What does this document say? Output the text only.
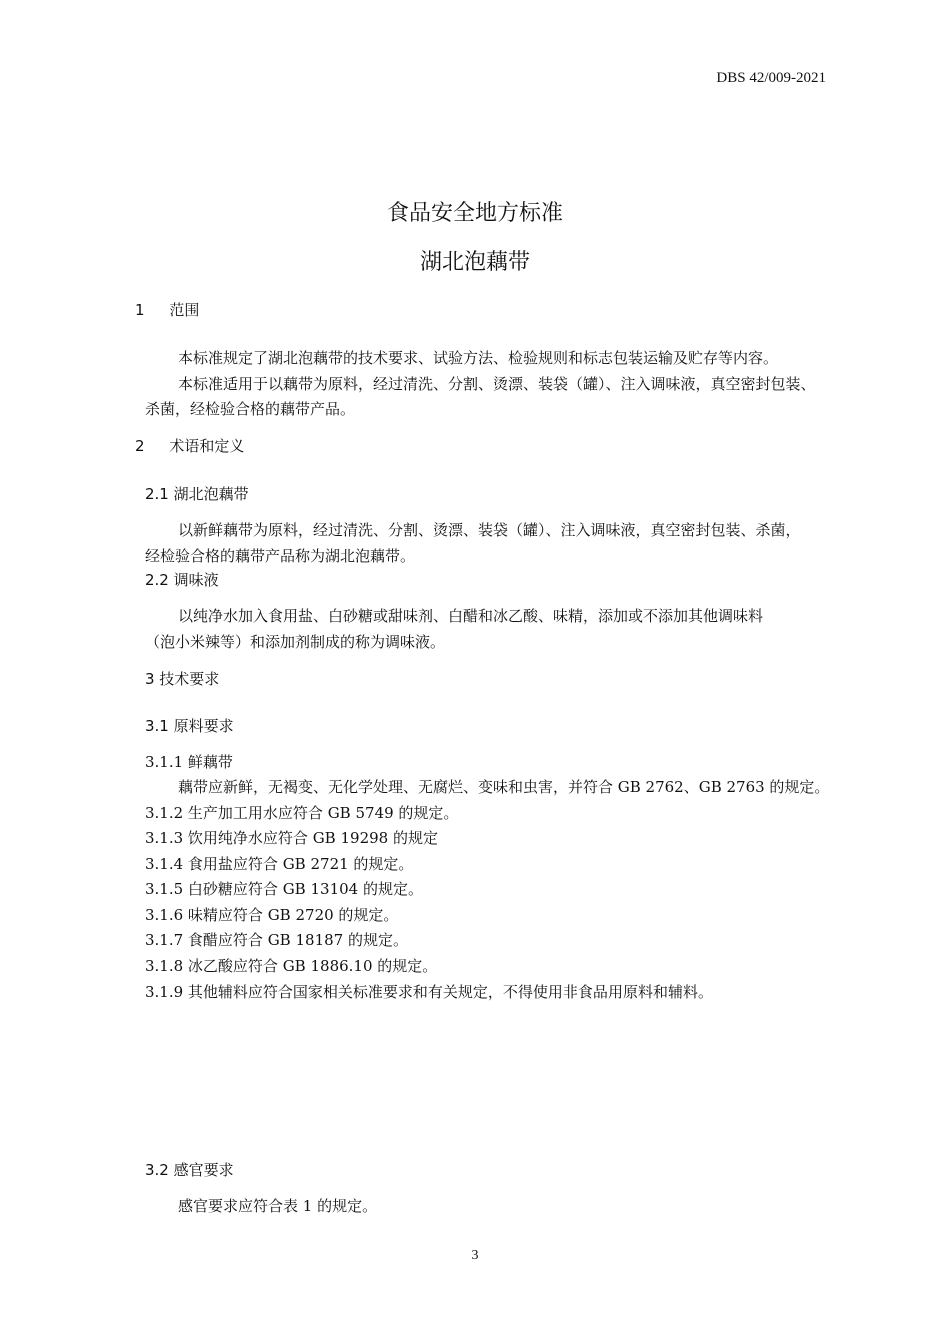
DBS 42/009-2021
食品安全地方标准
湖北泡藕带
1 范围
本标准规定了湖北泡藕带的技术要求、试验方法、检验规则和标志包装运输及贮存等内容。
本标准适用于以藕带为原料，经过清洗、分割、烫漂、装袋（罐）、注入调味液，真空密封包装、
杀菌，经检验合格的藕带产品。
2 术语和定义
2.1 湖北泡藕带
以新鲜藕带为原料，经过清洗、分割、烫漂、装袋（罐）、注入调味液，真空密封包装、杀菌，
经检验合格的藕带产品称为湖北泡藕带。
2.2 调味液
以纯净水加入食用盐、白砂糖或甜味剂、白醋和冰乙酸、味精，添加或不添加其他调味料
（泡小米辣等）和添加剂制成的称为调味液。
3 技术要求
3.1 原料要求
3.1.1 鲜藕带
藕带应新鲜，无褐变、无化学处理、无腐烂、变味和虫害，并符合 GB 2762、GB 2763 的规定。
3.1.2 生产加工用水应符合 GB 5749 的规定。
3.1.3 饮用纯净水应符合 GB 19298 的规定
3.1.4 食用盐应符合 GB 2721 的规定。
3.1.5 白砂糖应符合 GB 13104 的规定。
3.1.6 味精应符合 GB 2720 的规定。
3.1.7 食醋应符合 GB 18187 的规定。
3.1.8 冰乙酸应符合 GB 1886.10 的规定。
3.1.9 其他辅料应符合国家相关标准要求和有关规定，不得使用非食品用原料和辅料。
3.2 感官要求
感官要求应符合表 1 的规定。
3
